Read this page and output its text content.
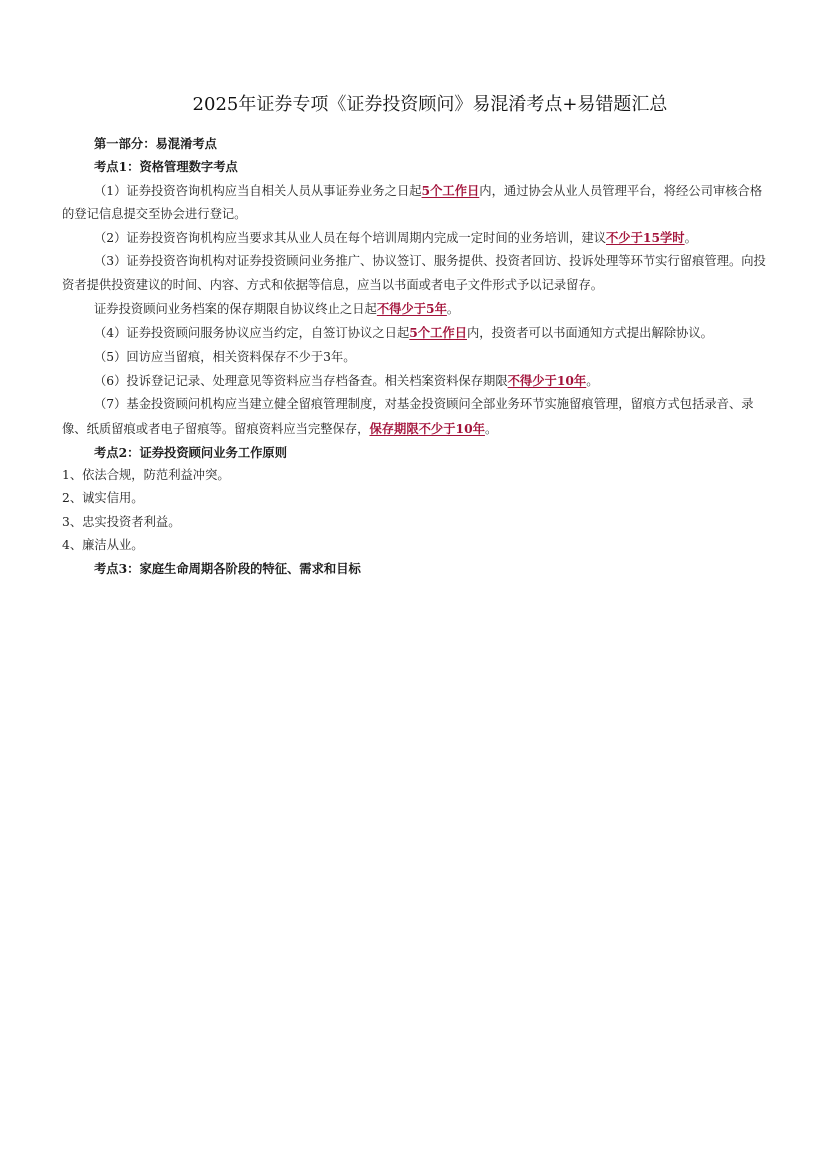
2025年证券专项《证券投资顾问》易混淆考点+易错题汇总

第一部分：易混淆考点

考点1：资格管理数字考点

（1）证券投资咨询机构应当自相关人员从事证券业务之日起5个工作日内，通过协会从业人员管理平台，将经公司审核合格的登记信息提交至协会进行登记。

（2）证券投资咨询机构应当要求其从业人员在每个培训周期内完成一定时间的业务培训，建议不少于15学时。

（3）证券投资咨询机构对证券投资顾问业务推广、协议签订、服务提供、投资者回访、投诉处理等环节实行留痕管理。向投资者提供投资建议的时间、内容、方式和依据等信息，应当以书面或者电子文件形式予以记录留存。

证券投资顾问业务档案的保存期限自协议终止之日起不得少于5年。

（4）证券投资顾问服务协议应当约定，自签订协议之日起5个工作日内，投资者可以书面通知方式提出解除协议。

（5）回访应当留痕，相关资料保存不少于3年。

（6）投诉登记记录、处理意见等资料应当存档备查。相关档案资料保存期限不得少于10年。

（7）基金投资顾问机构应当建立健全留痕管理制度，对基金投资顾问全部业务环节实施留痕管理，留痕方式包括录音、录像、纸质留痕或者电子留痕等。留痕资料应当完整保存，保存期限不少于10年。

考点2：证券投资顾问业务工作原则

1、依法合规，防范利益冲突。

2、诚实信用。

3、忠实投资者利益。

4、廉洁从业。

考点3：家庭生命周期各阶段的特征、需求和目标
